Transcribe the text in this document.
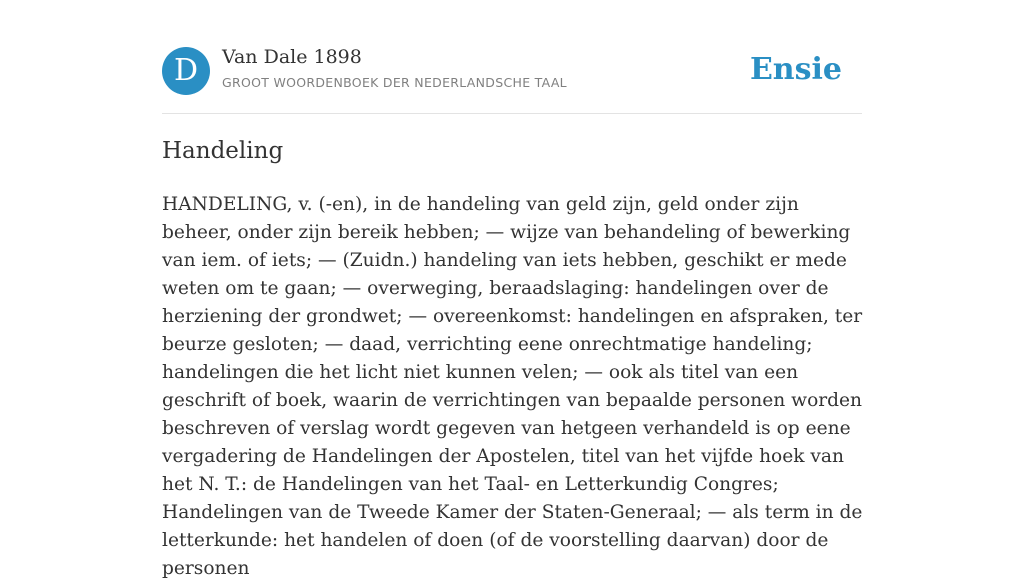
D	Van Dale 1898
GROOT WOORDENBOEK DER NEDERLANDSCHE TAAL	Ensie
Handeling

HANDELING, v. (-en), in de handeling van geld zijn, geld onder zijn beheer, onder zijn bereik hebben; — wijze van behandeling of bewerking van iem. of iets; — (Zuidn.) handeling van iets hebben, geschikt er mede weten om te gaan; — overweging, beraadslaging: handelingen over de herziening der grondwet; — overeenkomst: handelingen en afspraken, ter beurze gesloten; — daad, verrichting eene onrechtmatige handeling; handelingen die het licht niet kunnen velen; — ook als titel van een geschrift of boek, waarin de verrichtingen van bepaalde personen worden beschreven of verslag wordt gegeven van hetgeen verhandeld is op eene vergadering de Handelingen der Apostelen, titel van het vijfde hoek van het N. T.: de Handelingen van het Taal- en Letterkundig Congres; Handelingen van de Tweede Kamer der Staten-Generaal; — als term in de letterkunde: het handelen of doen (of de voorstelling daarvan) door de personen
